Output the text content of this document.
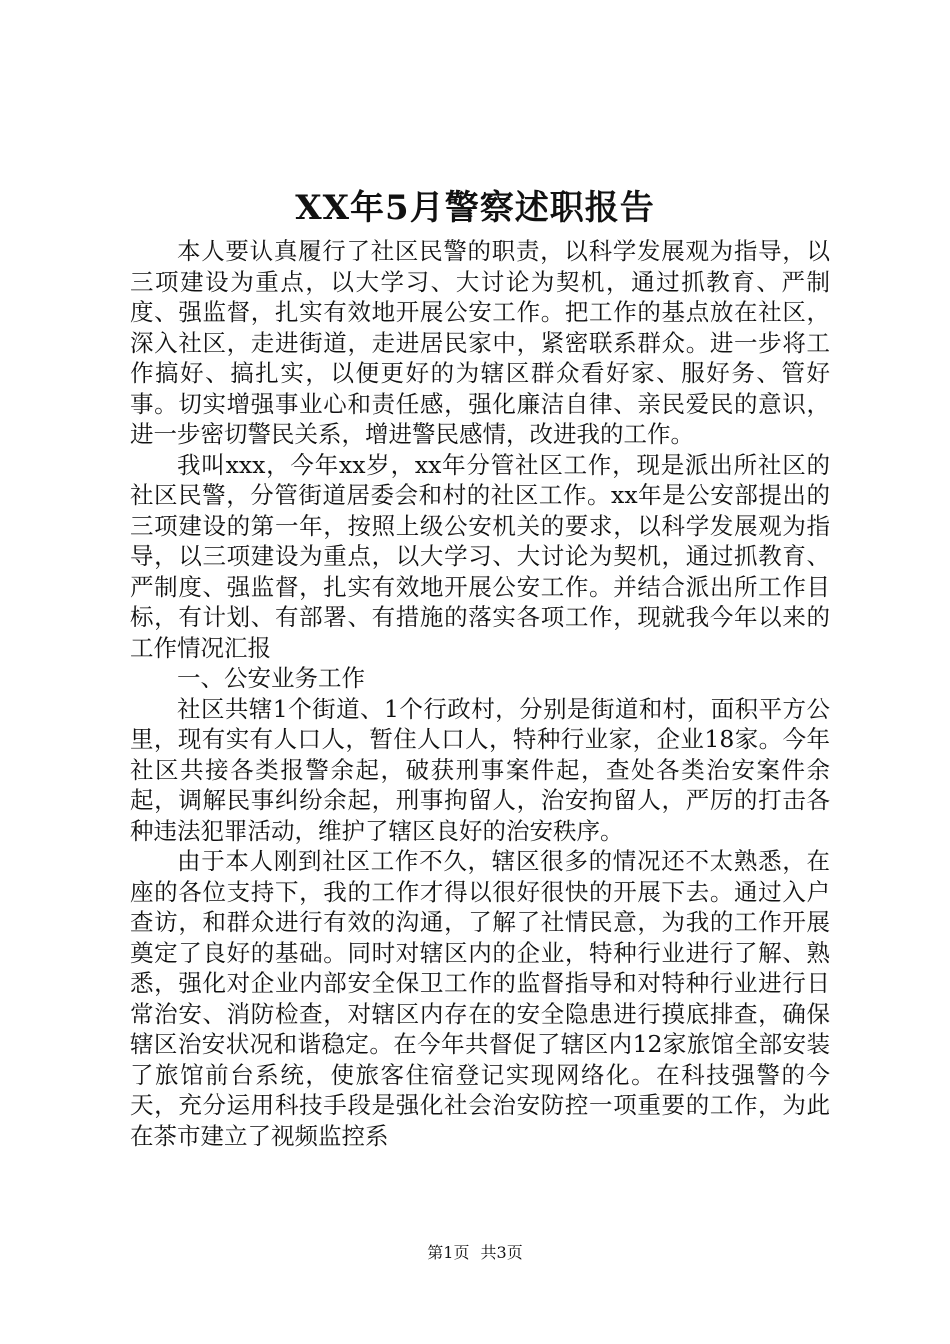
XX年5月警察述职报告

本人要认真履行了社区民警的职责，以科学发展观为指导，以三项建设为重点，以大学习、大讨论为契机，通过抓教育、严制度、强监督，扎实有效地开展公安工作。把工作的基点放在社区，深入社区，走进街道，走进居民家中，紧密联系群众。进一步将工作搞好、搞扎实，以便更好的为辖区群众看好家、服好务、管好事。切实增强事业心和责任感，强化廉洁自律、亲民爱民的意识，进一步密切警民关系，增进警民感情，改进我的工作。

我叫xxx，今年xx岁，xx年分管社区工作，现是派出所社区的社区民警，分管街道居委会和村的社区工作。xx年是公安部提出的三项建设的第一年，按照上级公安机关的要求，以科学发展观为指导，以三项建设为重点，以大学习、大讨论为契机，通过抓教育、严制度、强监督，扎实有效地开展公安工作。并结合派出所工作目标，有计划、有部署、有措施的落实各项工作，现就我今年以来的工作情况汇报

一、公安业务工作

社区共辖1个街道、1个行政村，分别是街道和村，面积平方公里，现有实有人口人，暂住人口人，特种行业家，企业18家。今年社区共接各类报警余起，破获刑事案件起，查处各类治安案件余起，调解民事纠纷余起，刑事拘留人，治安拘留人，严厉的打击各种违法犯罪活动，维护了辖区良好的治安秩序。

由于本人刚到社区工作不久，辖区很多的情况还不太熟悉，在座的各位支持下，我的工作才得以很好很快的开展下去。通过入户查访，和群众进行有效的沟通，了解了社情民意，为我的工作开展奠定了良好的基础。同时对辖区内的企业，特种行业进行了解、熟悉，强化对企业内部安全保卫工作的监督指导和对特种行业进行日常治安、消防检查，对辖区内存在的安全隐患进行摸底排查，确保辖区治安状况和谐稳定。在今年共督促了辖区内12家旅馆全部安装了旅馆前台系统，使旅客住宿登记实现网络化。在科技强警的今天，充分运用科技手段是强化社会治安防控一项重要的工作，为此在茶市建立了视频监控系

第1页 共3页
